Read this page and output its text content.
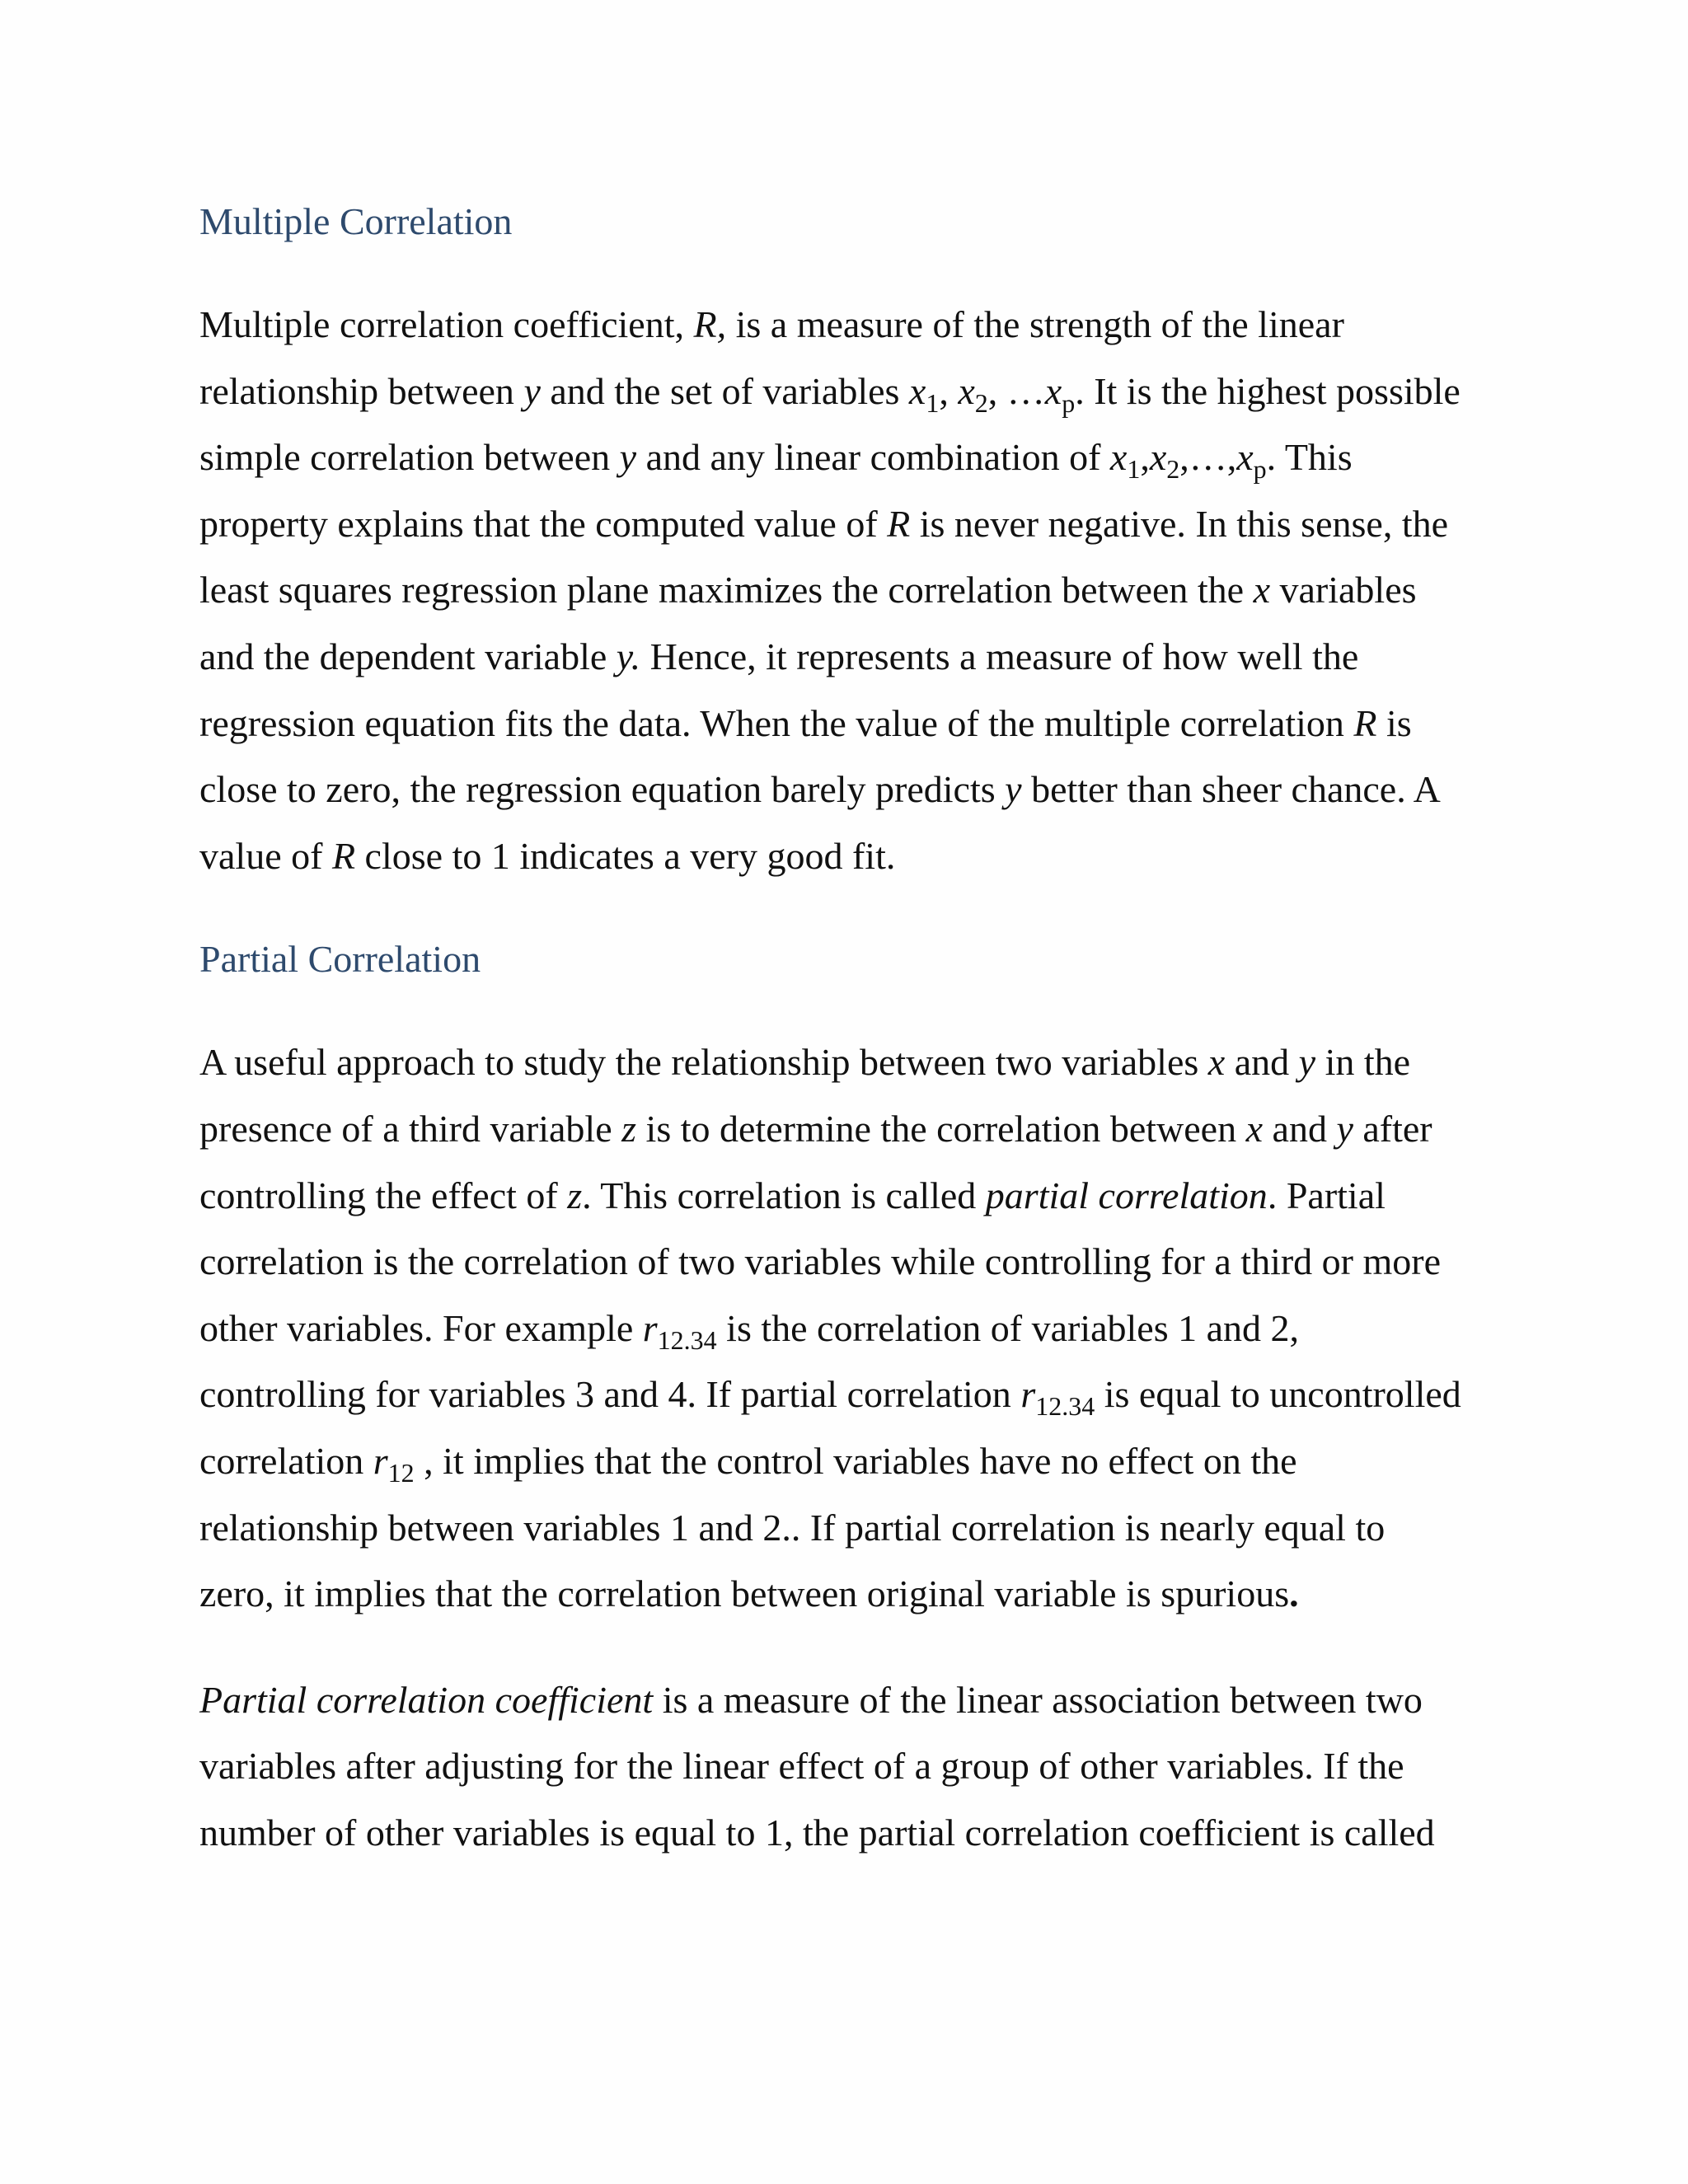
Multiple Correlation

Multiple correlation coefficient, R, is a measure of the strength of the linear
relationship between y and the set of variables $x_1$, $x_2$, $\dots x_p$. It is the highest possible
simple correlation between y and any linear combination of $x_1,x_2,\dots,x_p$. This
property explains that the computed value of R is never negative. In this sense, the
least squares regression plane maximizes the correlation between the x variables
and the dependent variable y. Hence, it represents a measure of how well the
regression equation fits the data. When the value of the multiple correlation R is
close to zero, the regression equation barely predicts y better than sheer chance. A
value of R close to 1 indicates a very good fit.

Partial Correlation

A useful approach to study the relationship between two variables x and y in the
presence of a third variable z is to determine the correlation between x and y after
controlling the effect of z. This correlation is called partial correlation. Partial
correlation is the correlation of two variables while controlling for a third or more
other variables. For example $r_{12.34}$ is the correlation of variables 1 and 2,
controlling for variables 3 and 4. If partial correlation $r_{12.34}$ is equal to uncontrolled
correlation $r_{12}$ , it implies that the control variables have no effect on the
relationship between variables 1 and 2.. If partial correlation is nearly equal to
zero, it implies that the correlation between original variable is spurious.

Partial correlation coefficient is a measure of the linear association between two
variables after adjusting for the linear effect of a group of other variables. If the
number of other variables is equal to 1, the partial correlation coefficient is called
